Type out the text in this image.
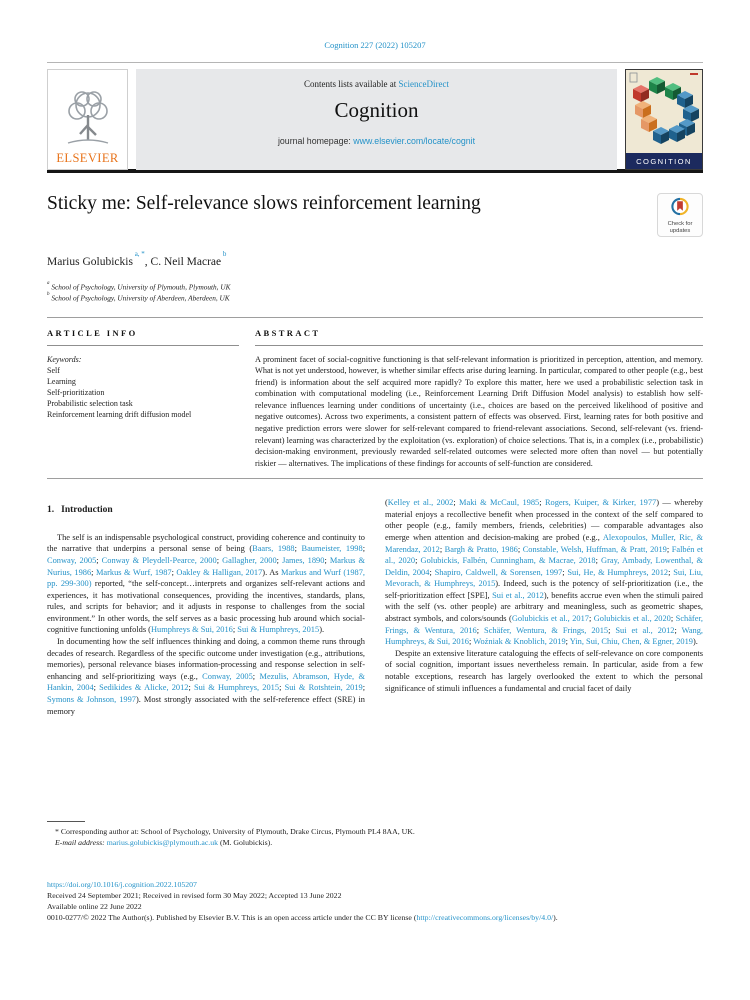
Cognition 227 (2022) 105207
ELSEVIER
Contents lists available at ScienceDirect
Cognition
journal homepage: www.elsevier.com/locate/cognit
COGNITION
Sticky me: Self-relevance slows reinforcement learning
Check for
updates
Marius Golubickis $^{a, *}$, C. Neil Macrae $^b$
$^a$ School of Psychology, University of Plymouth, Plymouth, UK
$^b$ School of Psychology, University of Aberdeen, Aberdeen, UK
ARTICLE INFO
Keywords:
Self
Learning
Self-prioritization
Probabilistic selection task
Reinforcement learning drift diffusion model
ABSTRACT
A prominent facet of social-cognitive functioning is that self-relevant information is prioritized in perception, attention, and memory. What is not yet understood, however, is whether similar effects arise during learning. In particular, compared to other people (e.g., best friend) is information about the self acquired more rapidly? To explore this matter, here we used a probabilistic selection task in combination with computational modeling (i.e., Reinforcement Learning Drift Diffusion Model analysis) to establish how self-relevance influences learning under conditions of uncertainty (i.e., choices are based on the perceived likelihood of positive and negative outcomes). Across two experiments, a consistent pattern of effects was observed. First, learning rates for both positive and negative prediction errors were slower for self-relevant compared to friend-relevant associations. Second, self-relevant (vs. friend-relevant) learning was characterized by the exploitation (vs. exploration) of choice selections. That is, in a complex (i.e., probabilistic) decision-making environment, previously rewarded self-related outcomes were selected more often than novel — but potentially riskier — alternatives. The implications of these findings for accounts of self-function are considered.
1. Introduction

The self is an indispensable psychological construct, providing coherence and continuity to the narrative that underpins a personal sense of being (Baars, 1988; Baumeister, 1998; Conway, 2005; Conway & Pleydell-Pearce, 2000; Gallagher, 2000; James, 1890; Markus & Nurius, 1986; Markus & Wurf, 1987; Oakley & Halligan, 2017). As Markus and Wurf (1987, pp. 299-300) reported, “the self-concept…interprets and organizes self-relevant actions and experiences, it has motivational consequences, providing the incentives, standards, plans, rules, and scripts for behavior; and it adjusts in response to challenges from the social environment.” In other words, the self serves as a basic processing hub around which social-cognitive functioning unfolds (Humphreys & Sui, 2016; Sui & Humphreys, 2015).

In documenting how the self influences thinking and doing, a common theme runs through decades of research. Regardless of the specific outcome under investigation (e.g., attributions, memories), personal relevance biases information-processing and response selection in self-enhancing and self-prioritizing ways (e.g., Conway, 2005; Mezulis, Abramson, Hyde, & Hankin, 2004; Sedikides & Alicke, 2012; Sui & Humphreys, 2015; Sui & Rotshtein, 2019; Symons & Johnson, 1997). Most strongly associated with the self-reference effect (SRE) in memory

(Kelley et al., 2002; Maki & McCaul, 1985; Rogers, Kuiper, & Kirker, 1977) — whereby material enjoys a recollective benefit when processed in the context of the self compared to other people (e.g., family members, friends, celebrities) — comparable advantages also emerge when attention and decision-making are probed (e.g., Alexopoulos, Muller, Ric, & Marendaz, 2012; Bargh & Pratto, 1986; Constable, Welsh, Huffman, & Pratt, 2019; Falbén et al., 2020; Golubickis, Falbén, Cunningham, & Macrae, 2018; Gray, Ambady, Lowenthal, & Deldin, 2004; Shapiro, Caldwell, & Sorensen, 1997; Sui, He, & Humphreys, 2012; Sui, Liu, Mevorach, & Humphreys, 2015). Indeed, such is the potency of self-prioritization (i.e., the self-prioritization effect [SPE], Sui et al., 2012), benefits accrue even when the stimuli paired with the self (vs. other people) are arbitrary and meaningless, such as geometric shapes, abstract symbols, and colors/sounds (Golubickis et al., 2017; Golubickis et al., 2020; Schäfer, Frings, & Wentura, 2016; Schäfer, Wentura, & Frings, 2015; Sui et al., 2012; Wang, Humphreys, & Sui, 2016; Woźniak & Knoblich, 2019; Yin, Sui, Chiu, Chen, & Egner, 2019).

Despite an extensive literature cataloguing the effects of self-relevance on core components of social cognition, important issues nevertheless remain. In particular, aside from a few notable exceptions, research has largely overlooked the extent to which the personal significance of stimuli influences a fundamental and crucial facet of daily

* Corresponding author at: School of Psychology, University of Plymouth, Drake Circus, Plymouth PL4 8AA, UK.

E-mail address: marius.golubickis@plymouth.ac.uk (M. Golubickis).

https://doi.org/10.1016/j.cognition.2022.105207

Received 24 September 2021; Received in revised form 30 May 2022; Accepted 13 June 2022

Available online 22 June 2022

0010-0277/© 2022 The Author(s). Published by Elsevier B.V. This is an open access article under the CC BY license (http://creativecommons.org/licenses/by/4.0/).
